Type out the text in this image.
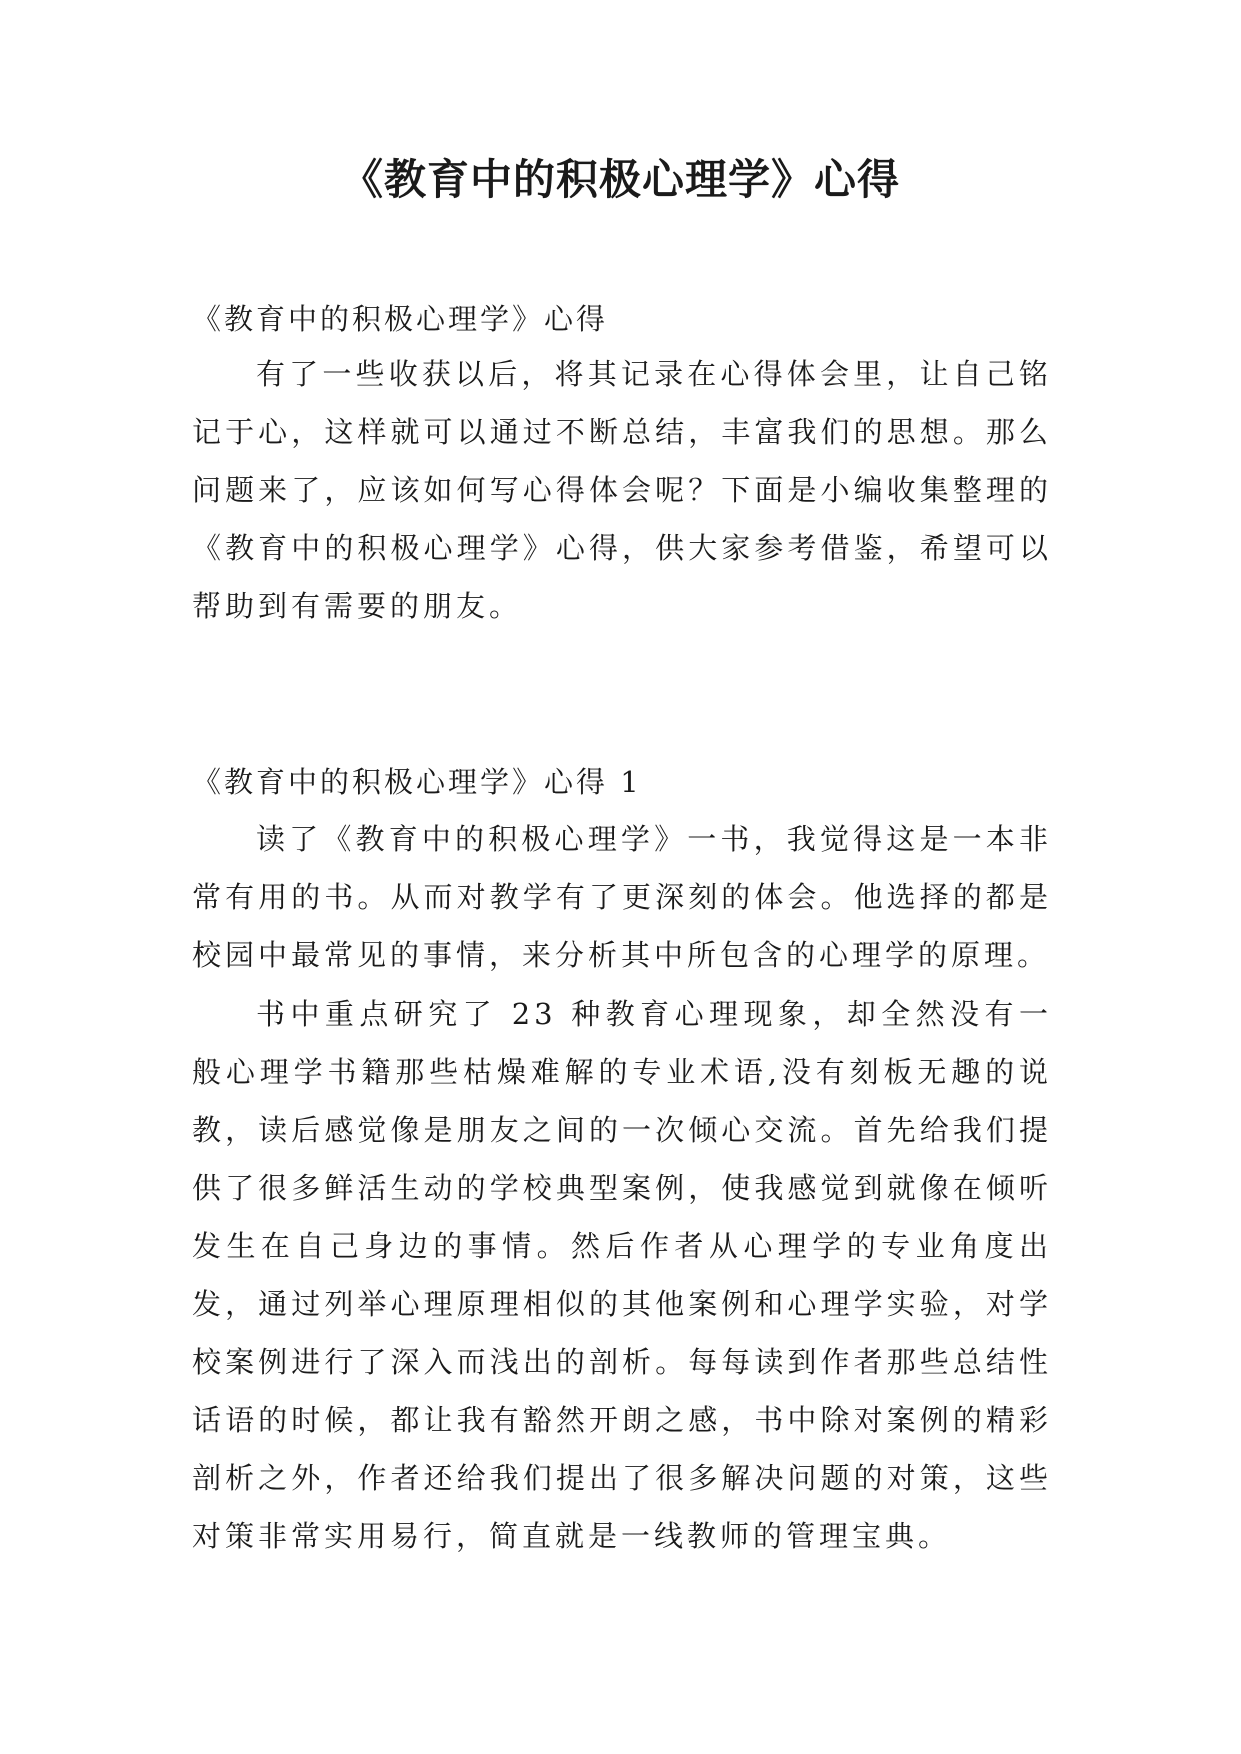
《教育中的积极心理学》心得

《教育中的积极心理学》心得

有了一些收获以后，将其记录在心得体会里，让自己铭记于心，这样就可以通过不断总结，丰富我们的思想。那么问题来了，应该如何写心得体会呢？下面是小编收集整理的《教育中的积极心理学》心得，供大家参考借鉴，希望可以帮助到有需要的朋友。

《教育中的积极心理学》心得 1

读了《教育中的积极心理学》一书，我觉得这是一本非常有用的书。从而对教学有了更深刻的体会。他选择的都是校园中最常见的事情，来分析其中所包含的心理学的原理。

书中重点研究了 23 种教育心理现象，却全然没有一般心理学书籍那些枯燥难解的专业术语,没有刻板无趣的说教，读后感觉像是朋友之间的一次倾心交流。首先给我们提供了很多鲜活生动的学校典型案例，使我感觉到就像在倾听发生在自己身边的事情。然后作者从心理学的专业角度出发，通过列举心理原理相似的其他案例和心理学实验，对学校案例进行了深入而浅出的剖析。每每读到作者那些总结性话语的时候，都让我有豁然开朗之感，书中除对案例的精彩剖析之外，作者还给我们提出了很多解决问题的对策，这些对策非常实用易行，简直就是一线教师的管理宝典。
